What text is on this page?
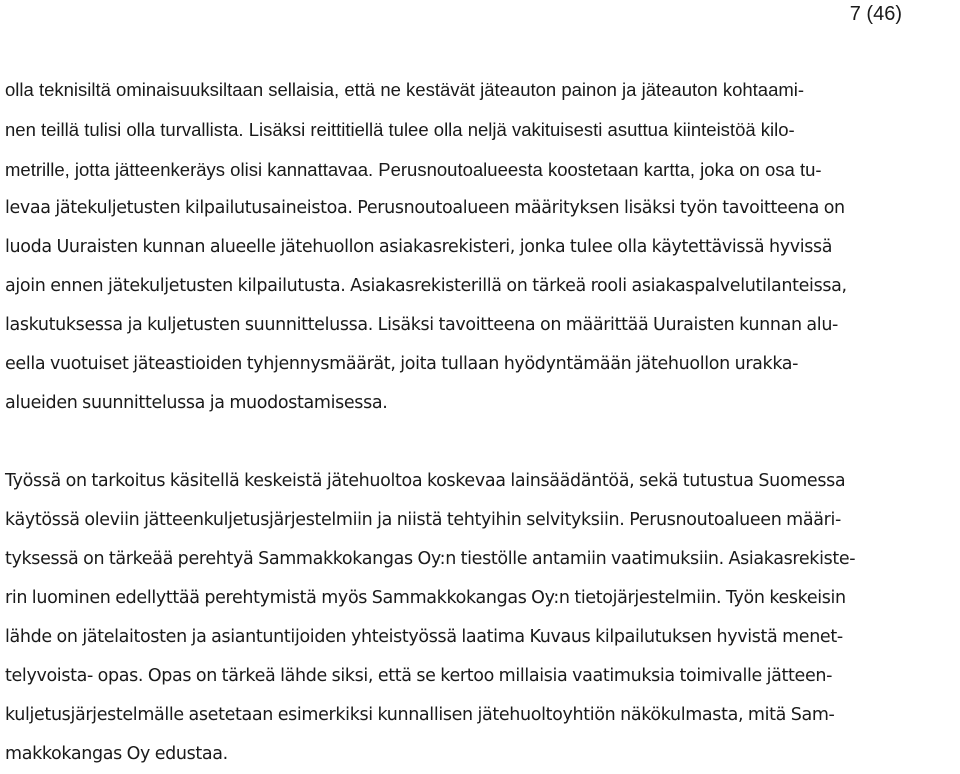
7 (46)
olla teknisiltä ominaisuuksiltaan sellaisia, että ne kestävät jäteauton painon ja jäteauton kohtaami-
nen teillä tulisi olla turvallista. Lisäksi reittitiellä tulee olla neljä vakituisesti asuttua kiinteistöä kilo-
metrille, jotta jätteenkeräys olisi kannattavaa. Perusnoutoalueesta koostetaan kartta, joka on osa tu-
levaa jätekuljetusten kilpailutusaineistoa. Perusnoutoalueen määrityksen lisäksi työn tavoitteena on
luoda Uuraisten kunnan alueelle jätehuollon asiakasrekisteri, jonka tulee olla käytettävissä hyvissä
ajoin ennen jätekuljetusten kilpailutusta. Asiakasrekisterillä on tärkeä rooli asiakaspalvelutilanteissa,
laskutuksessa ja kuljetusten suunnittelussa. Lisäksi tavoitteena on määrittää Uuraisten kunnan alu-
eella vuotuiset jäteastioiden tyhjennysmäärät, joita tullaan hyödyntämään jätehuollon urakka-
alueiden suunnittelussa ja muodostamisessa.
Työssä on tarkoitus käsitellä keskeistä jätehuoltoa koskevaa lainsäädäntöä, sekä tutustua Suomessa
käytössä oleviin jätteenkuljetusjärjestelmiin ja niistä tehtyihin selvityksiin. Perusnoutoalueen määri-
tyksessä on tärkeää perehtyä Sammakkokangas Oy:n tiestölle antamiin vaatimuksiin. Asiakasrekiste-
rin luominen edellyttää perehtymistä myös Sammakkokangas Oy:n tietojärjestelmiin. Työn keskeisin
lähde on jätelaitosten ja asiantuntijoiden yhteistyössä laatima Kuvaus kilpailutuksen hyvistä menet-
telyvoista- opas. Opas on tärkeä lähde siksi, että se kertoo millaisia vaatimuksia toimivalle jätteen-
kuljetusjärjestelmälle asetetaan esimerkiksi kunnallisen jätehuoltoyhtiön näkökulmasta, mitä Sam-
makkokangas Oy edustaa.
